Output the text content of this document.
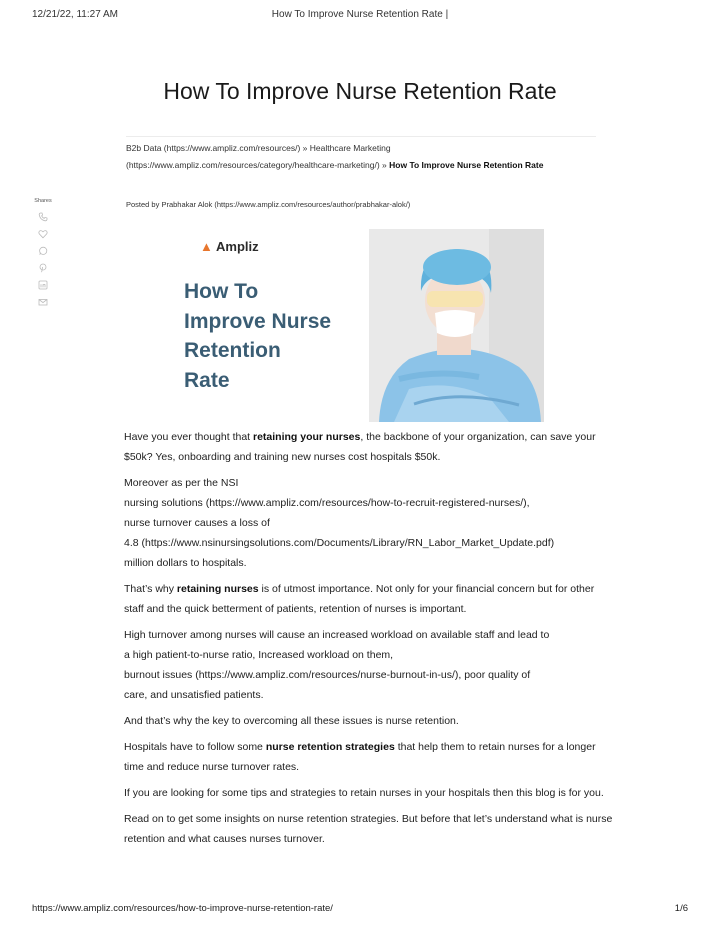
12/21/22, 11:27 AM	How To Improve Nurse Retention Rate |
How To Improve Nurse Retention Rate
B2b Data (https://www.ampliz.com/resources/) » Healthcare Marketing
(https://www.ampliz.com/resources/category/healthcare-marketing/) » How To Improve Nurse Retention Rate
Posted by Prabhakar Alok (https://www.ampliz.com/resources/author/prabhakar-alok/)
Shares
▲ Ampliz
How To
Improve Nurse
Retention
Rate

Have you ever thought that retaining your nurses, the backbone of your organization, can save your $50k? Yes, onboarding and training new nurses cost hospitals $50k.

Moreover as per the NSI
nursing solutions (https://www.ampliz.com/resources/how-to-recruit-registered-nurses/),
nurse turnover causes a loss of
4.8 (https://www.nsinursingsolutions.com/Documents/Library/RN_Labor_Market_Update.pdf)
million dollars to hospitals.

That’s why retaining nurses is of utmost importance. Not only for your financial concern but for other staff and the quick betterment of patients, retention of nurses is important.

High turnover among nurses will cause an increased workload on available staff and lead to
a high patient-to-nurse ratio, Increased workload on them,
burnout issues (https://www.ampliz.com/resources/nurse-burnout-in-us/), poor quality of
care, and unsatisfied patients.

And that’s why the key to overcoming all these issues is nurse retention.

Hospitals have to follow some nurse retention strategies that help them to retain nurses for a longer time and reduce nurse turnover rates.

If you are looking for some tips and strategies to retain nurses in your hospitals then this blog is for you.

Read on to get some insights on nurse retention strategies. But before that let’s understand what is nurse retention and what causes nurses turnover.

https://www.ampliz.com/resources/how-to-improve-nurse-retention-rate/	1/6
